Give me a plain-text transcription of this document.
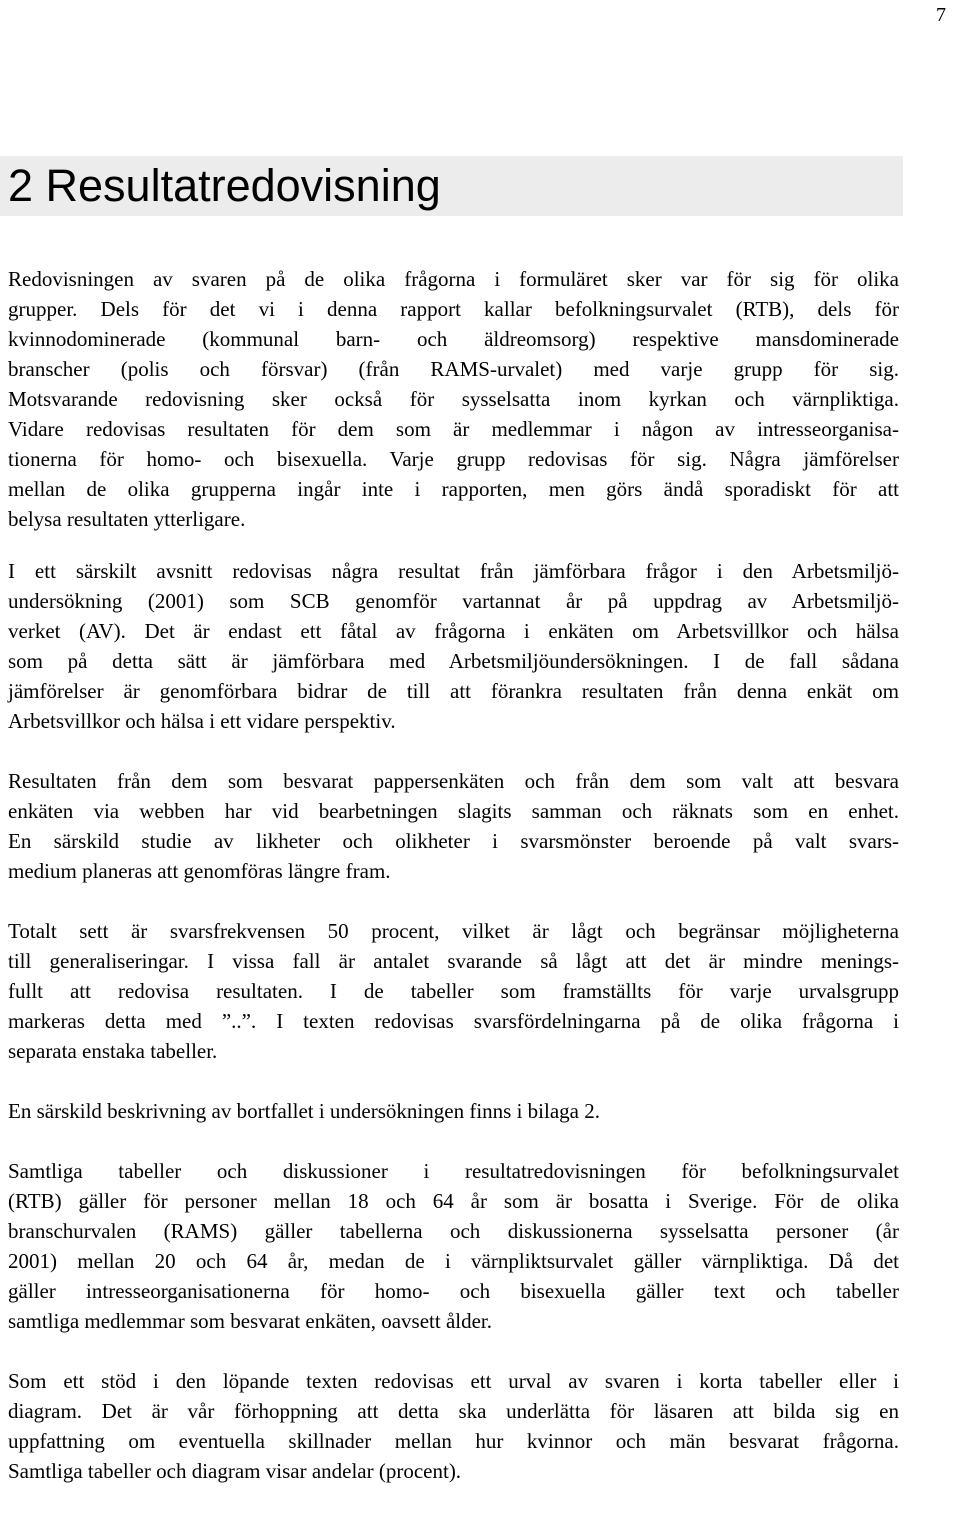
7
2 Resultatredovisning

Redovisningen av svaren på de olika frågorna i formuläret sker var för sig för olika
grupper. Dels för det vi i denna rapport kallar befolkningsurvalet (RTB), dels för
kvinnodominerade (kommunal barn- och äldreomsorg) respektive mansdominerade
branscher (polis och försvar) (från RAMS-urvalet) med varje grupp för sig.
Motsvarande redovisning sker också för sysselsatta inom kyrkan och värnpliktiga.
Vidare redovisas resultaten för dem som är medlemmar i någon av intresseorganisa-
tionerna för homo- och bisexuella. Varje grupp redovisas för sig. Några jämförelser
mellan de olika grupperna ingår inte i rapporten, men görs ändå sporadiskt för att
belysa resultaten ytterligare.

I ett särskilt avsnitt redovisas några resultat från jämförbara frågor i den Arbetsmiljö-
undersökning (2001) som SCB genomför vartannat år på uppdrag av Arbetsmiljö-
verket (AV). Det är endast ett fåtal av frågorna i enkäten om Arbetsvillkor och hälsa
som på detta sätt är jämförbara med Arbetsmiljöundersökningen. I de fall sådana
jämförelser är genomförbara bidrar de till att förankra resultaten från denna enkät om
Arbetsvillkor och hälsa i ett vidare perspektiv.

Resultaten från dem som besvarat pappersenkäten och från dem som valt att besvara
enkäten via webben har vid bearbetningen slagits samman och räknats som en enhet.
En särskild studie av likheter och olikheter i svarsmönster beroende på valt svars-
medium planeras att genomföras längre fram.

Totalt sett är svarsfrekvensen 50 procent, vilket är lågt och begränsar möjligheterna
till generaliseringar. I vissa fall är antalet svarande så lågt att det är mindre menings-
fullt att redovisa resultaten. I de tabeller som framställts för varje urvalsgrupp
markeras detta med ”..”. I texten redovisas svarsfördelningarna på de olika frågorna i
separata enstaka tabeller.

En särskild beskrivning av bortfallet i undersökningen finns i bilaga 2.

Samtliga tabeller och diskussioner i resultatredovisningen för befolkningsurvalet
(RTB) gäller för personer mellan 18 och 64 år som är bosatta i Sverige. För de olika
branschurvalen (RAMS) gäller tabellerna och diskussionerna sysselsatta personer (år
2001) mellan 20 och 64 år, medan de i värnpliktsurvalet gäller värnpliktiga. Då det
gäller intresseorganisationerna för homo- och bisexuella gäller text och tabeller
samtliga medlemmar som besvarat enkäten, oavsett ålder.

Som ett stöd i den löpande texten redovisas ett urval av svaren i korta tabeller eller i
diagram. Det är vår förhoppning att detta ska underlätta för läsaren att bilda sig en
uppfattning om eventuella skillnader mellan hur kvinnor och män besvarat frågorna.
Samtliga tabeller och diagram visar andelar (procent).
